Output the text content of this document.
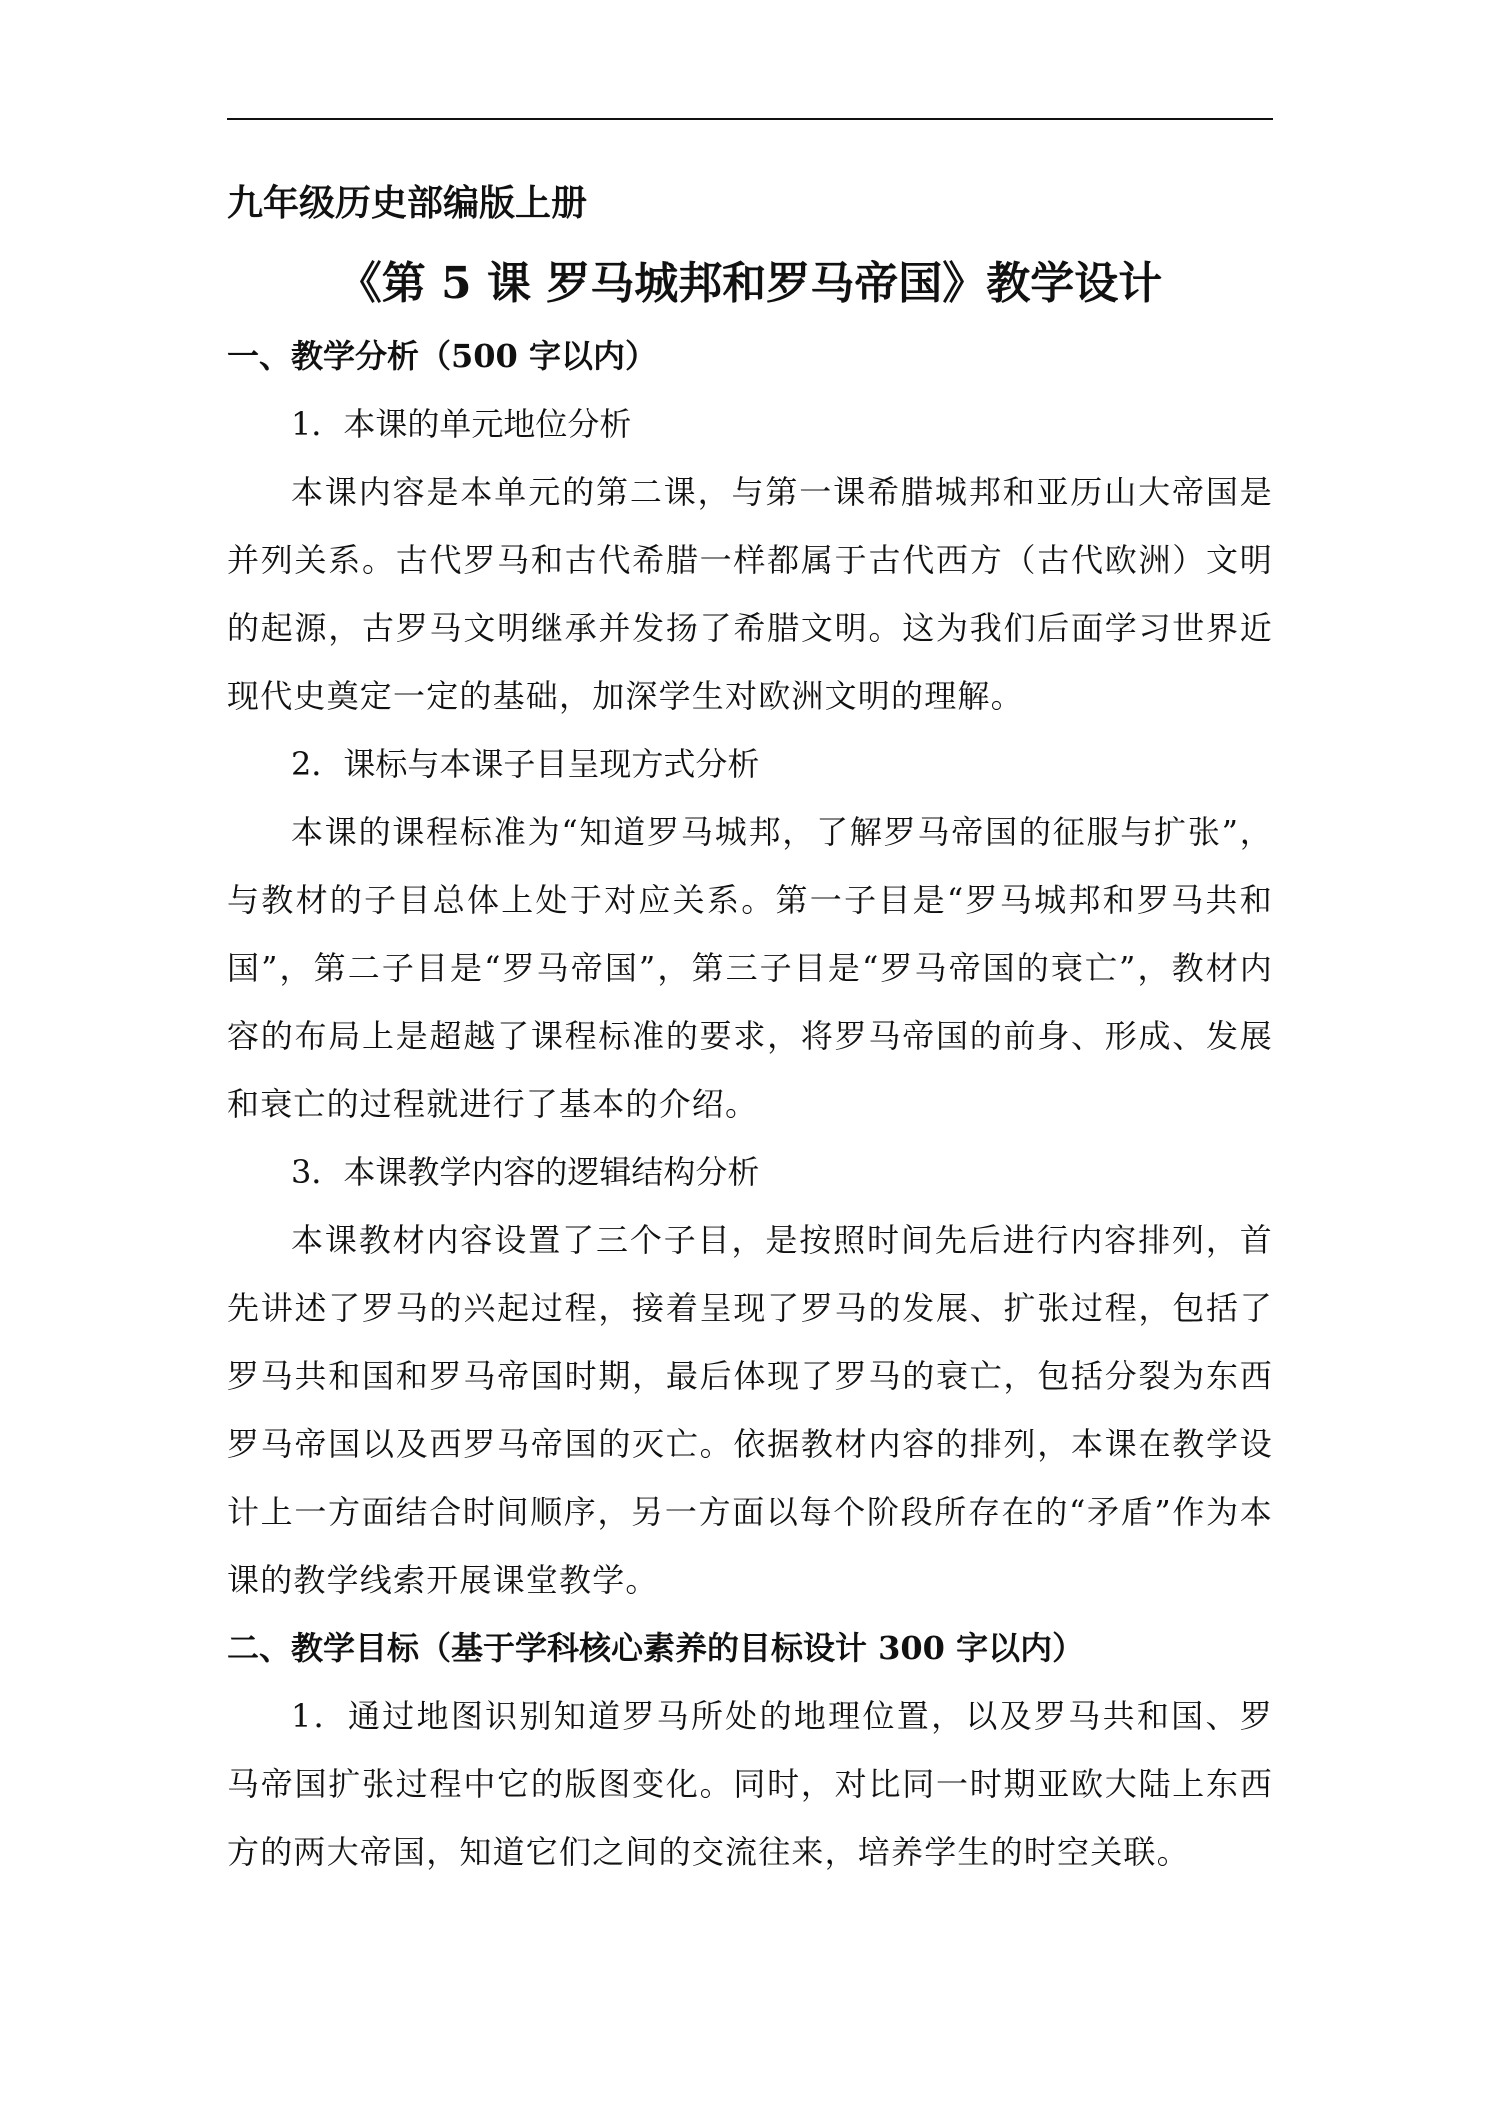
九年级历史部编版上册

《第 5 课 罗马城邦和罗马帝国》教学设计

一、教学分析（500 字以内）

1．本课的单元地位分析

本课内容是本单元的第二课，与第一课希腊城邦和亚历山大帝国是并列关系。古代罗马和古代希腊一样都属于古代西方（古代欧洲）文明的起源，古罗马文明继承并发扬了希腊文明。这为我们后面学习世界近现代史奠定一定的基础，加深学生对欧洲文明的理解。

2．课标与本课子目呈现方式分析

本课的课程标准为“知道罗马城邦，了解罗马帝国的征服与扩张”，与教材的子目总体上处于对应关系。第一子目是“罗马城邦和罗马共和国”，第二子目是“罗马帝国”，第三子目是“罗马帝国的衰亡”，教材内容的布局上是超越了课程标准的要求，将罗马帝国的前身、形成、发展和衰亡的过程就进行了基本的介绍。

3．本课教学内容的逻辑结构分析

本课教材内容设置了三个子目，是按照时间先后进行内容排列，首先讲述了罗马的兴起过程，接着呈现了罗马的发展、扩张过程，包括了罗马共和国和罗马帝国时期，最后体现了罗马的衰亡，包括分裂为东西罗马帝国以及西罗马帝国的灭亡。依据教材内容的排列，本课在教学设计上一方面结合时间顺序，另一方面以每个阶段所存在的“矛盾”作为本课的教学线索开展课堂教学。

二、教学目标（基于学科核心素养的目标设计 300 字以内）

1．通过地图识别知道罗马所处的地理位置，以及罗马共和国、罗马帝国扩张过程中它的版图变化。同时，对比同一时期亚欧大陆上东西方的两大帝国，知道它们之间的交流往来，培养学生的时空关联。
